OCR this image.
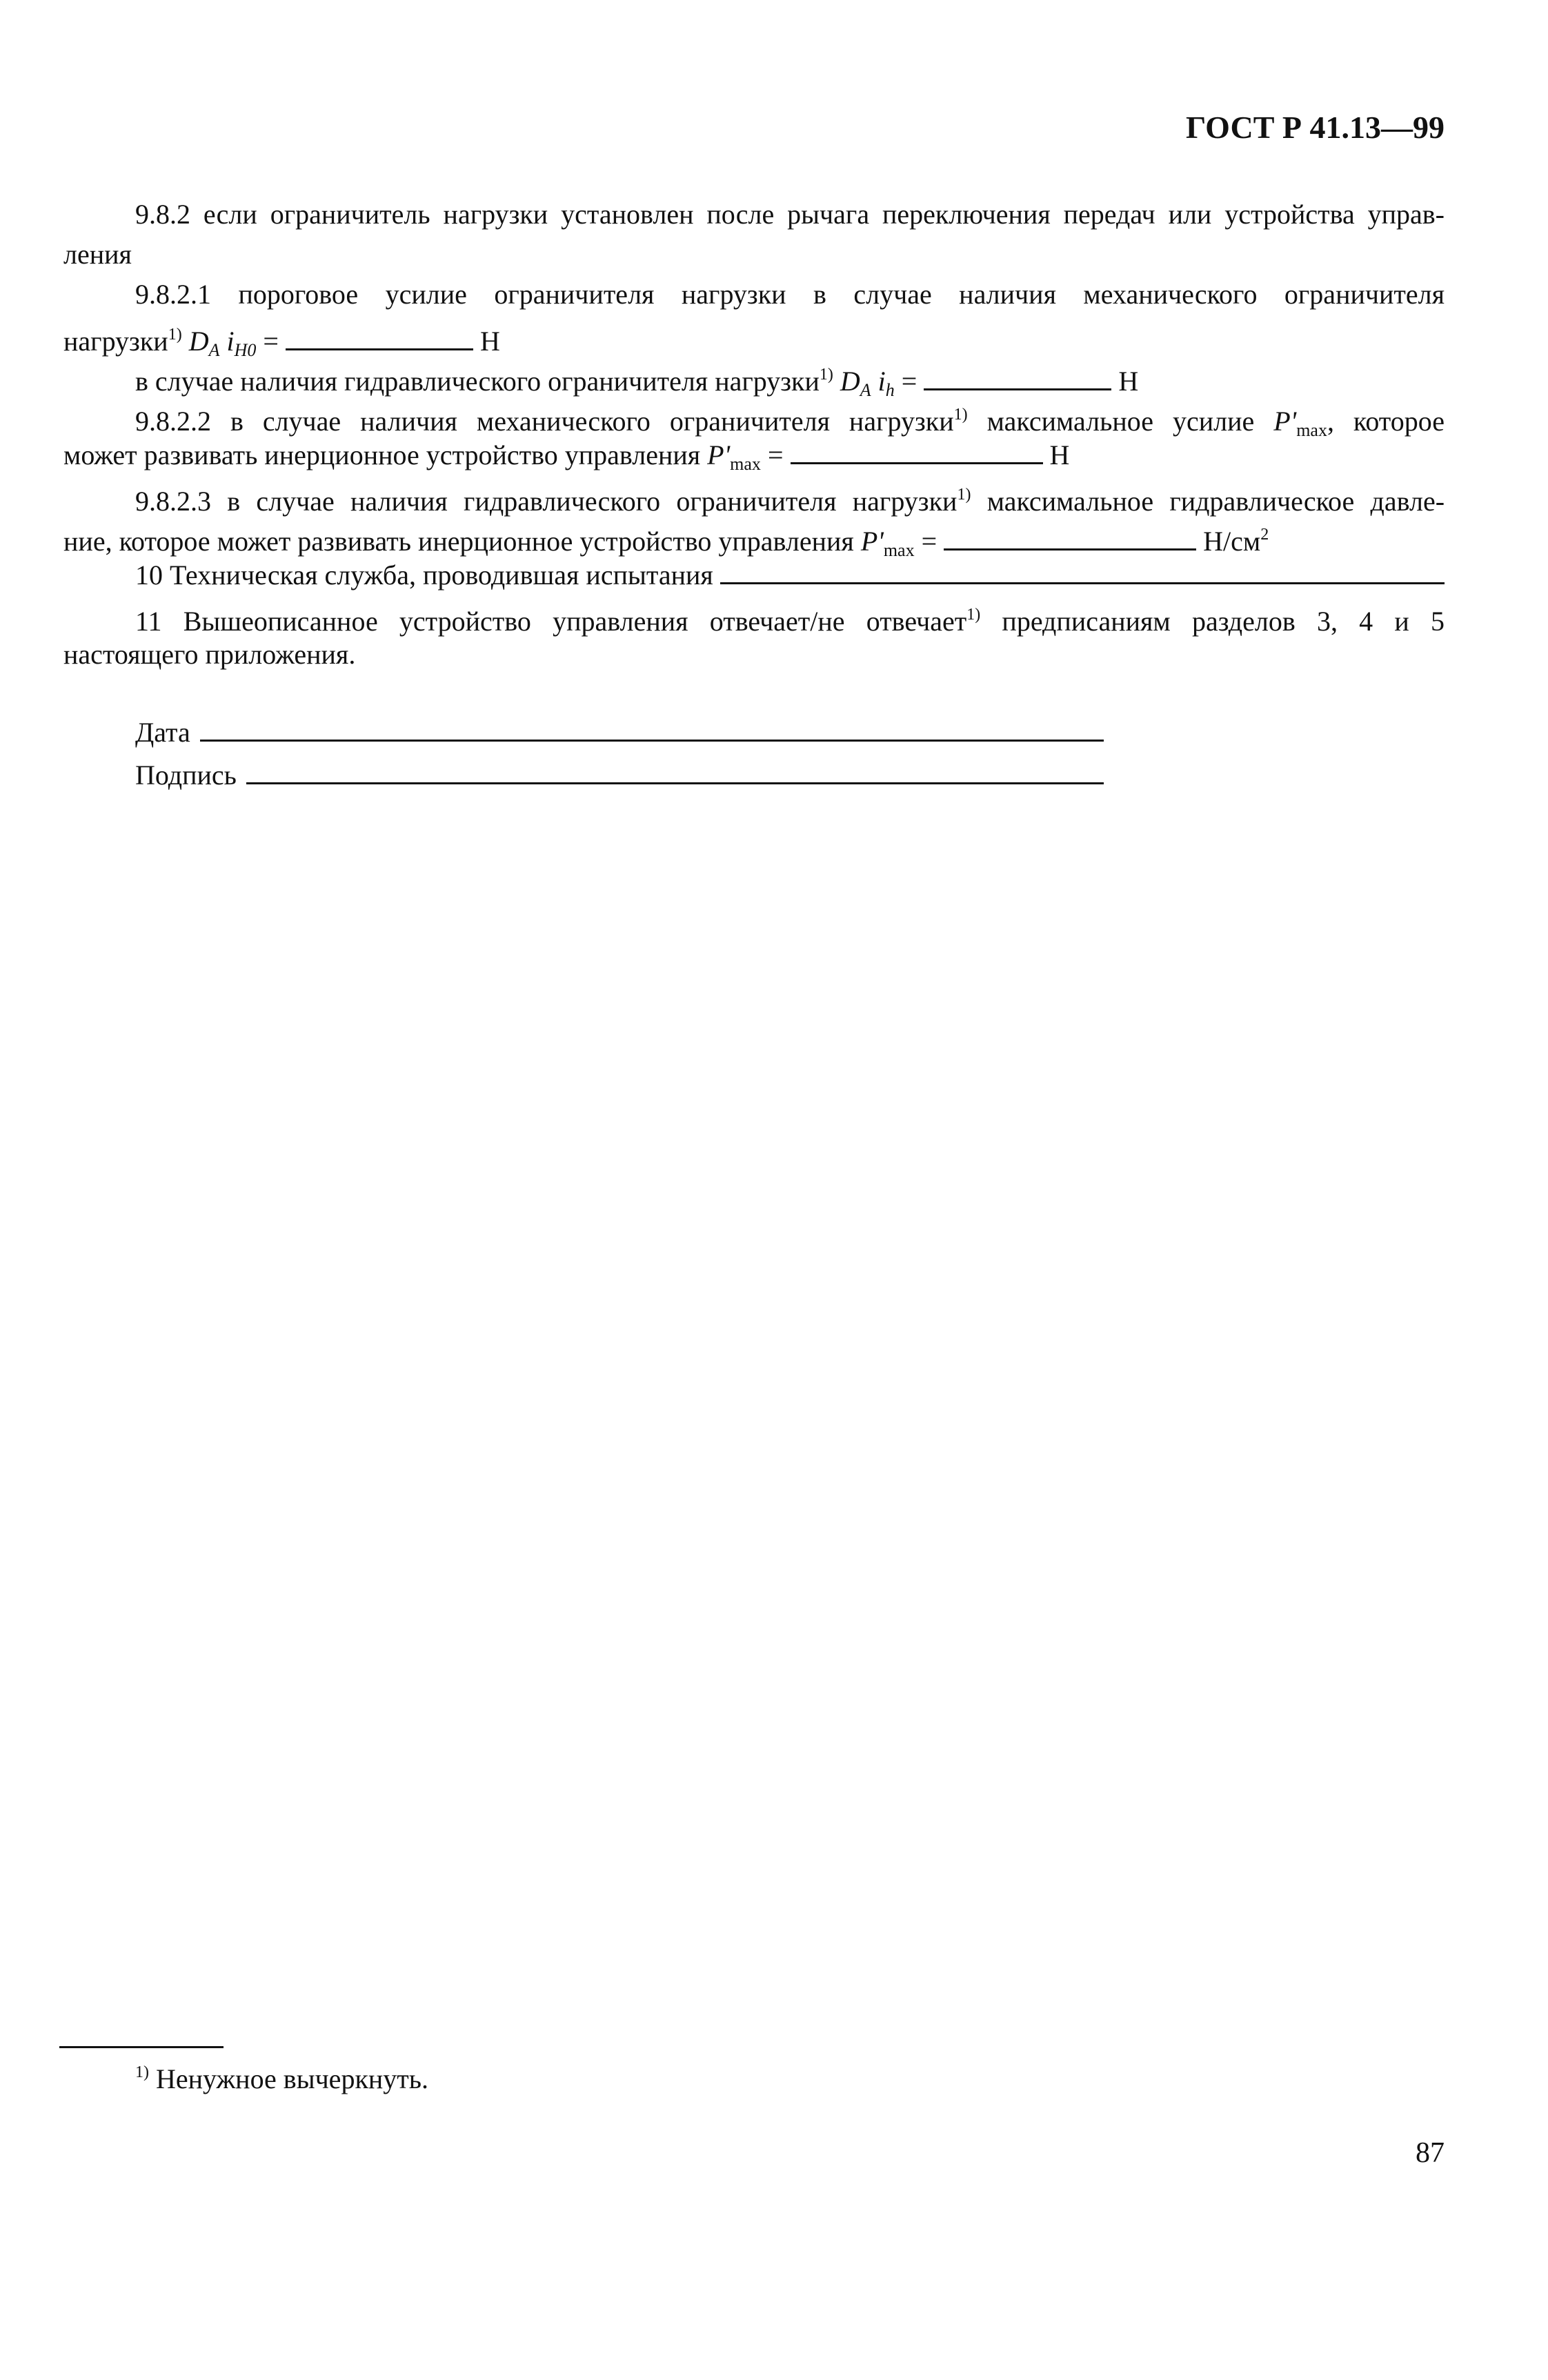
ГОСТ Р 41.13—99
9.8.2 если ограничитель нагрузки установлен после рычага переключения передач или устройства управ-
ления
9.8.2.1 пороговое усилие ограничителя нагрузки в случае наличия механического ограничителя
нагрузки$^{1)}$ $D_A$ $i_{H0}$ =	Н
в случае наличия гидравлического ограничителя нагрузки$^{1)}$ $D_A$ $i_h$ =	Н
9.8.2.2 в случае наличия механического ограничителя нагрузки$^{1)}$ максимальное усилие $P'_{max}$, которое
может развивать инерционное устройство управления $P'_{max}$ =	Н
9.8.2.3 в случае наличия гидравлического ограничителя нагрузки$^{1)}$ максимальное гидравлическое давле-
ние, которое может развивать инерционное устройство управления $P'_{max}$ =	$Н/см^2$
10 Техническая служба, проводившая испытания
11 Вышеописанное устройство управления отвечает/не отвечает$^{1)}$ предписаниям разделов 3, 4 и 5
настоящего приложения.
Дата
Подпись
$^{1)}$ Ненужное вычеркнуть.
87
